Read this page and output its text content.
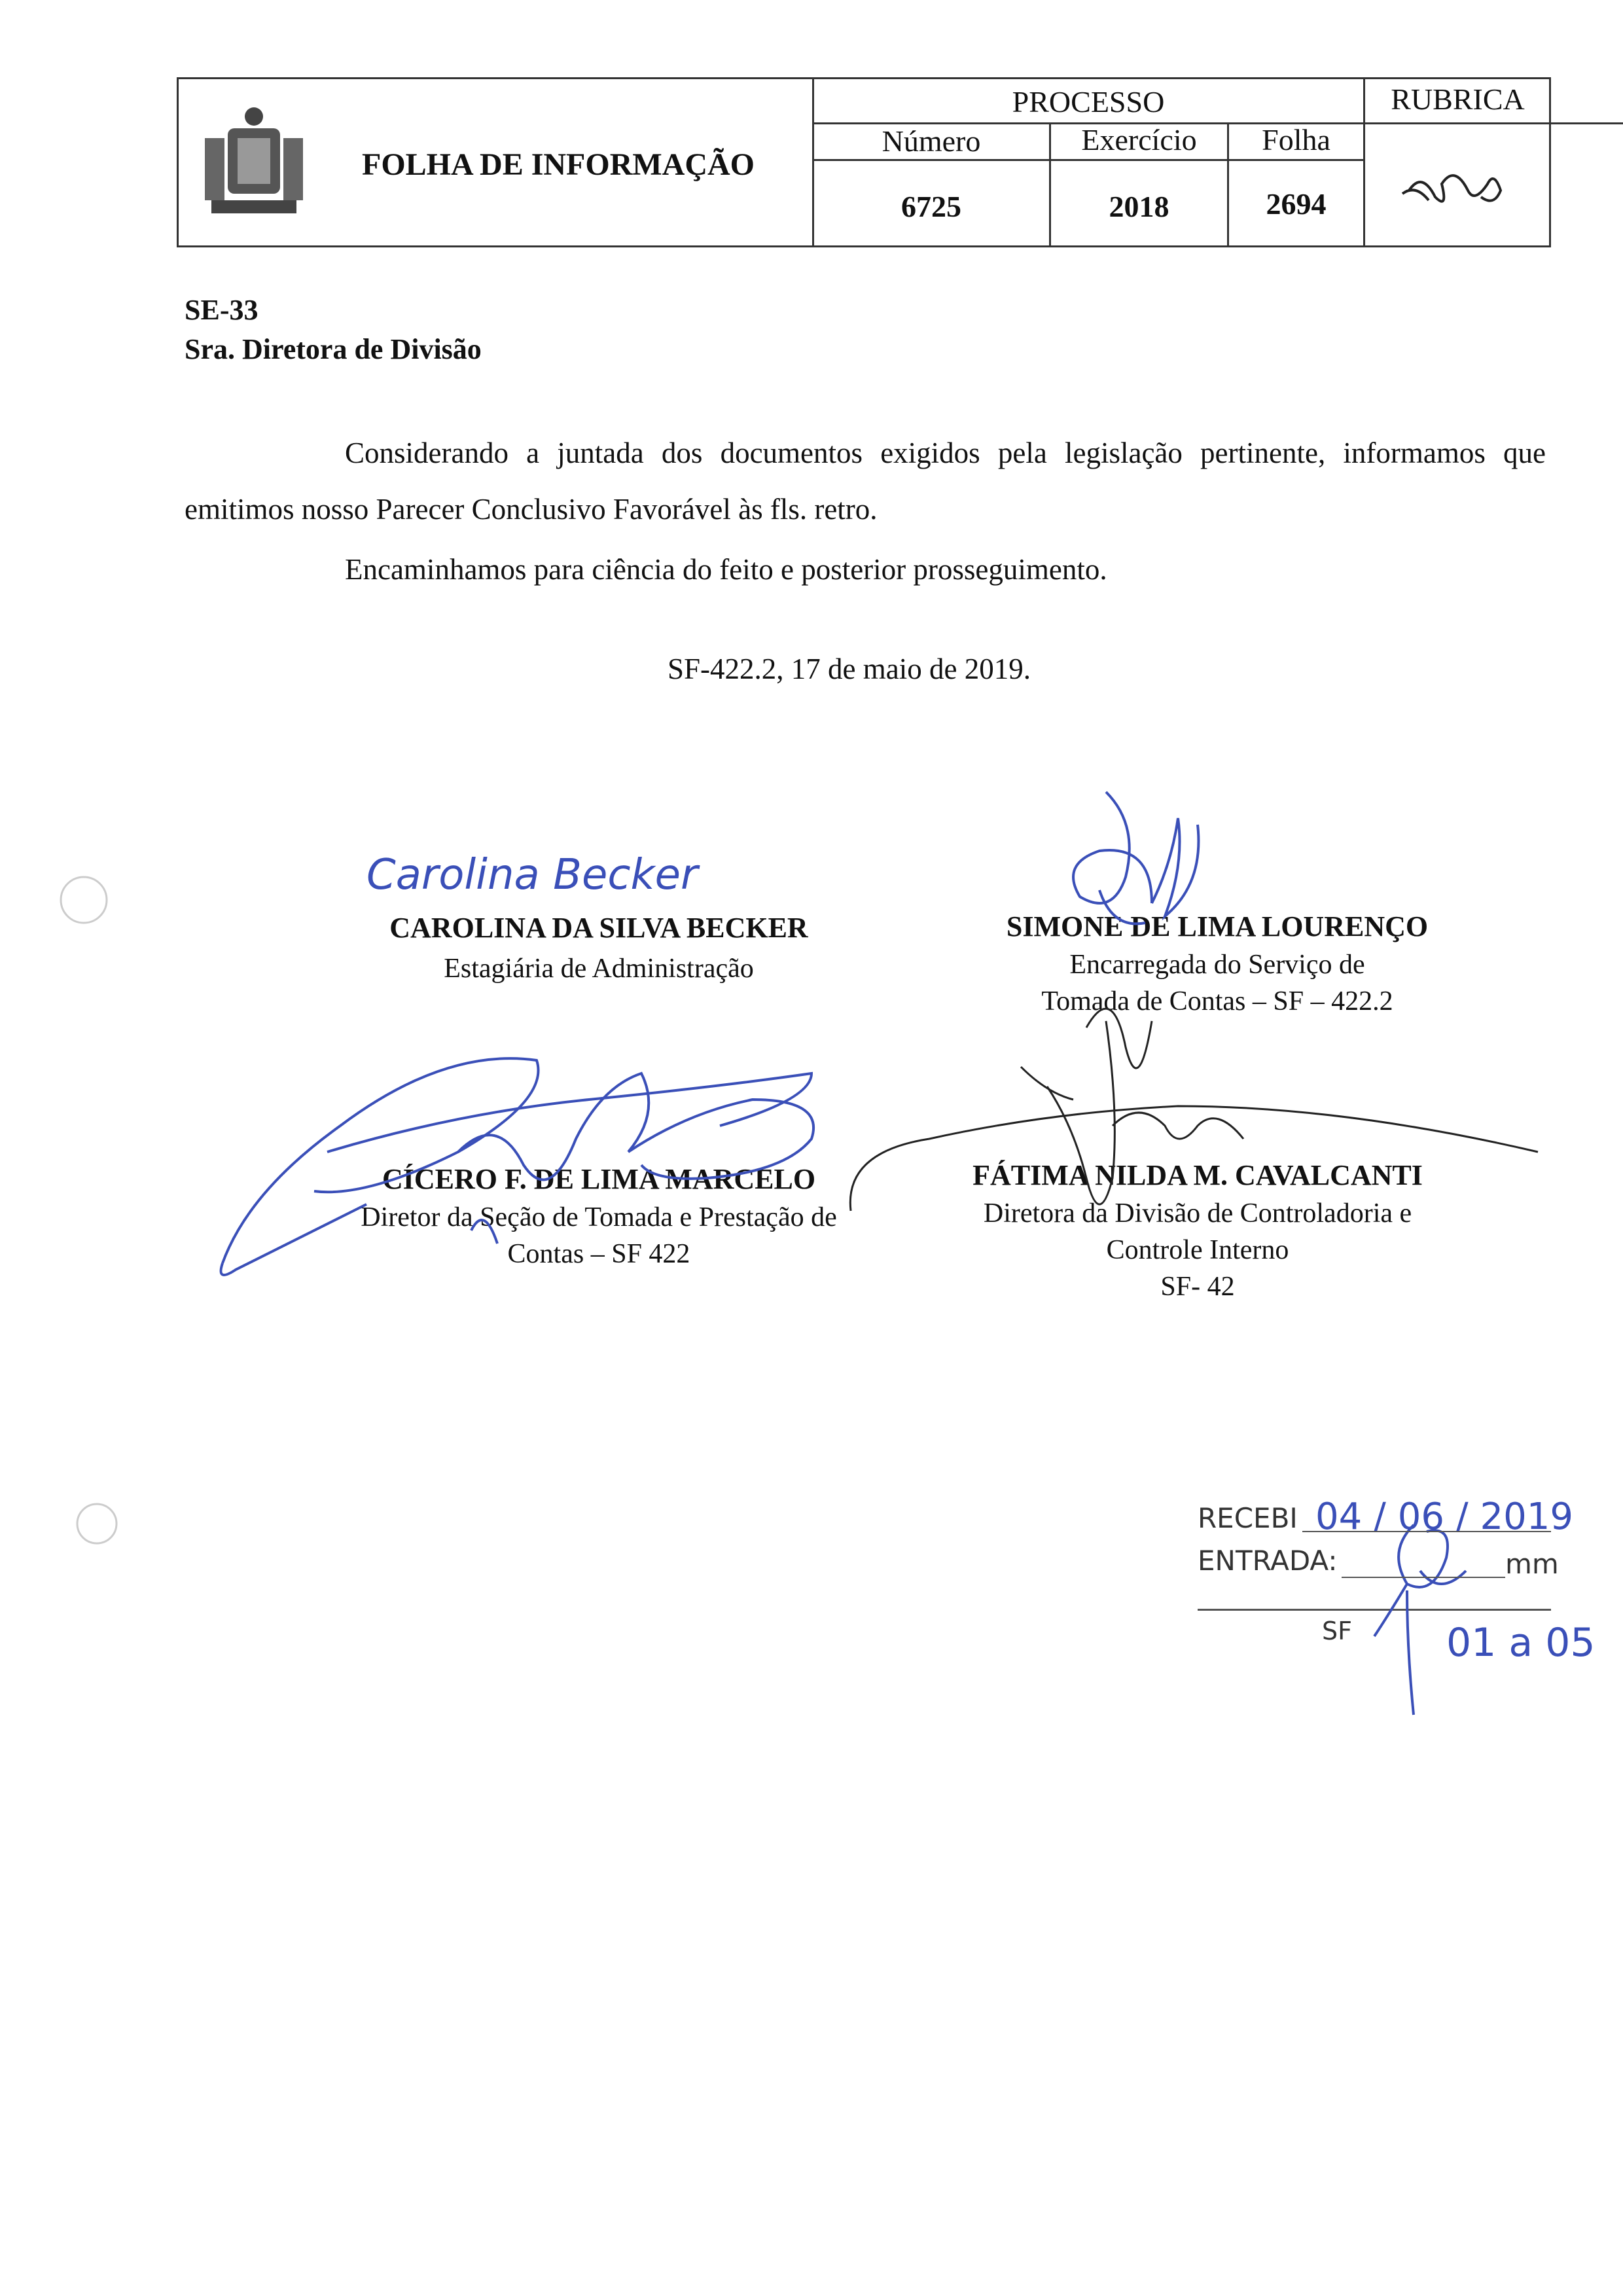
FOLHA DE INFORMAÇÃO
PROCESSO	RUBRICA
Número	Exercício	Folha
6725	2018	2694
SE-33
Sra. Diretora de Divisão
Considerando a juntada dos documentos exigidos pela legislação pertinente, informamos que emitimos nosso Parecer Conclusivo Favorável às fls. retro.
Encaminhamos para ciência do feito e posterior prosseguimento.
SF-422.2, 17 de maio de 2019.
Carolina Becker
CAROLINA DA SILVA BECKER
Estagiária de Administração
SIMONE DE LIMA LOURENÇO
Encarregada do Serviço de
Tomada de Contas – SF – 422.2
CÍCERO F. DE LIMA MARCELO
Diretor da Seção de Tomada e Prestação de
Contas – SF 422
FÁTIMA NILDA M. CAVALCANTI
Diretora da Divisão de Controladoria e
Controle Interno
SF- 42
RECEBI 04 / 06 / 2019
ENTRADA:	mm
SF 01 a 05
